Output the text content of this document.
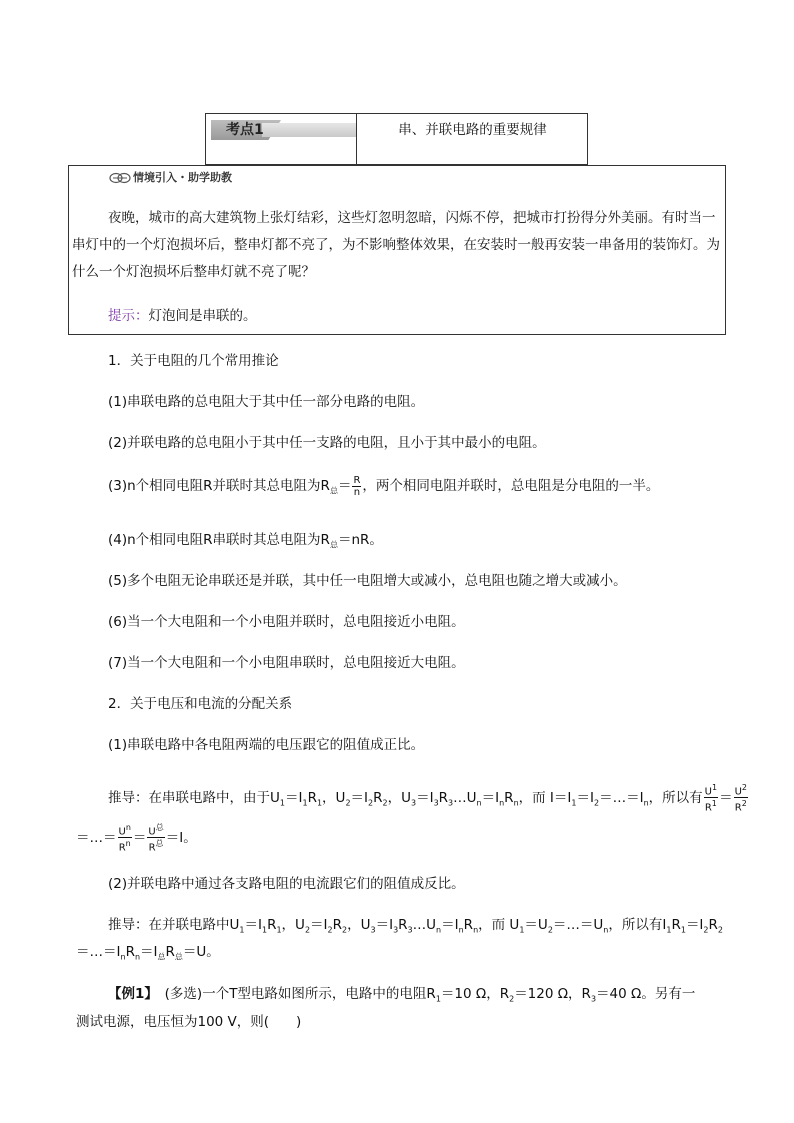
考点1	串、并联电路的重要规律
情境引入・助学助教
夜晚，城市的高大建筑物上张灯结彩，这些灯忽明忽暗，闪烁不停，把城市打扮得分外美丽。有时当一串灯中的一个灯泡损坏后，整串灯都不亮了，为不影响整体效果，在安装时一般再安装一串备用的装饰灯。为什么一个灯泡损坏后整串灯就不亮了呢？
提示：灯泡间是串联的。
1．关于电阻的几个常用推论
(1)串联电路的总电阻大于其中任一部分电路的电阻。
(2)并联电路的总电阻小于其中任一支路的电阻，且小于其中最小的电阻。
(3)n个相同电阻R并联时其总电阻为$R_总= \frac{R}{n}$ ，两个相同电阻并联时，总电阻是分电阻的一半。
(4)n个相同电阻R串联时其总电阻为$R_总=nR$。
(5)多个电阻无论串联还是并联，其中任一电阻增大或减小，总电阻也随之增大或减小。
(6)当一个大电阻和一个小电阻并联时，总电阻接近小电阻。
(7)当一个大电阻和一个小电阻串联时，总电阻接近大电阻。
2．关于电压和电流的分配关系
(1)串联电路中各电阻两端的电压跟它的阻值成正比。
推导：在串联电路中，由于$U_1=I_1R_1$，$U_2=I_2R_2$，$U_3=I_3R_3\dots U_n=I_nR_n$，而 $I=I_1=I_2=\dots=I_n$，所以有 $\frac{U^1}{R^1} = \frac{U^2}{R^2}$
＝…＝ $\frac{U^n}{R^n} = \frac{U^总}{R^总} =I$。
(2)并联电路中通过各支路电阻的电流跟它们的阻值成反比。
推导：在并联电路中$U_1=I_1R_1$，$U_2=I_2R_2$，$U_3=I_3R_3\dots U_n=I_nR_n$，而 $U_1=U_2=\dots=U_n$，所以有$I_1R_1=I_2R_2$
$=\dots=I_nR_n=I_总R_总=U$。
【例1】　 (多选)一个T型电路如图所示，电路中的电阻$R_1=10$ Ω，$R_2=120$ Ω，$R_3=40$ Ω。另有一
测试电源，电压恒为100 V，则(　　)
